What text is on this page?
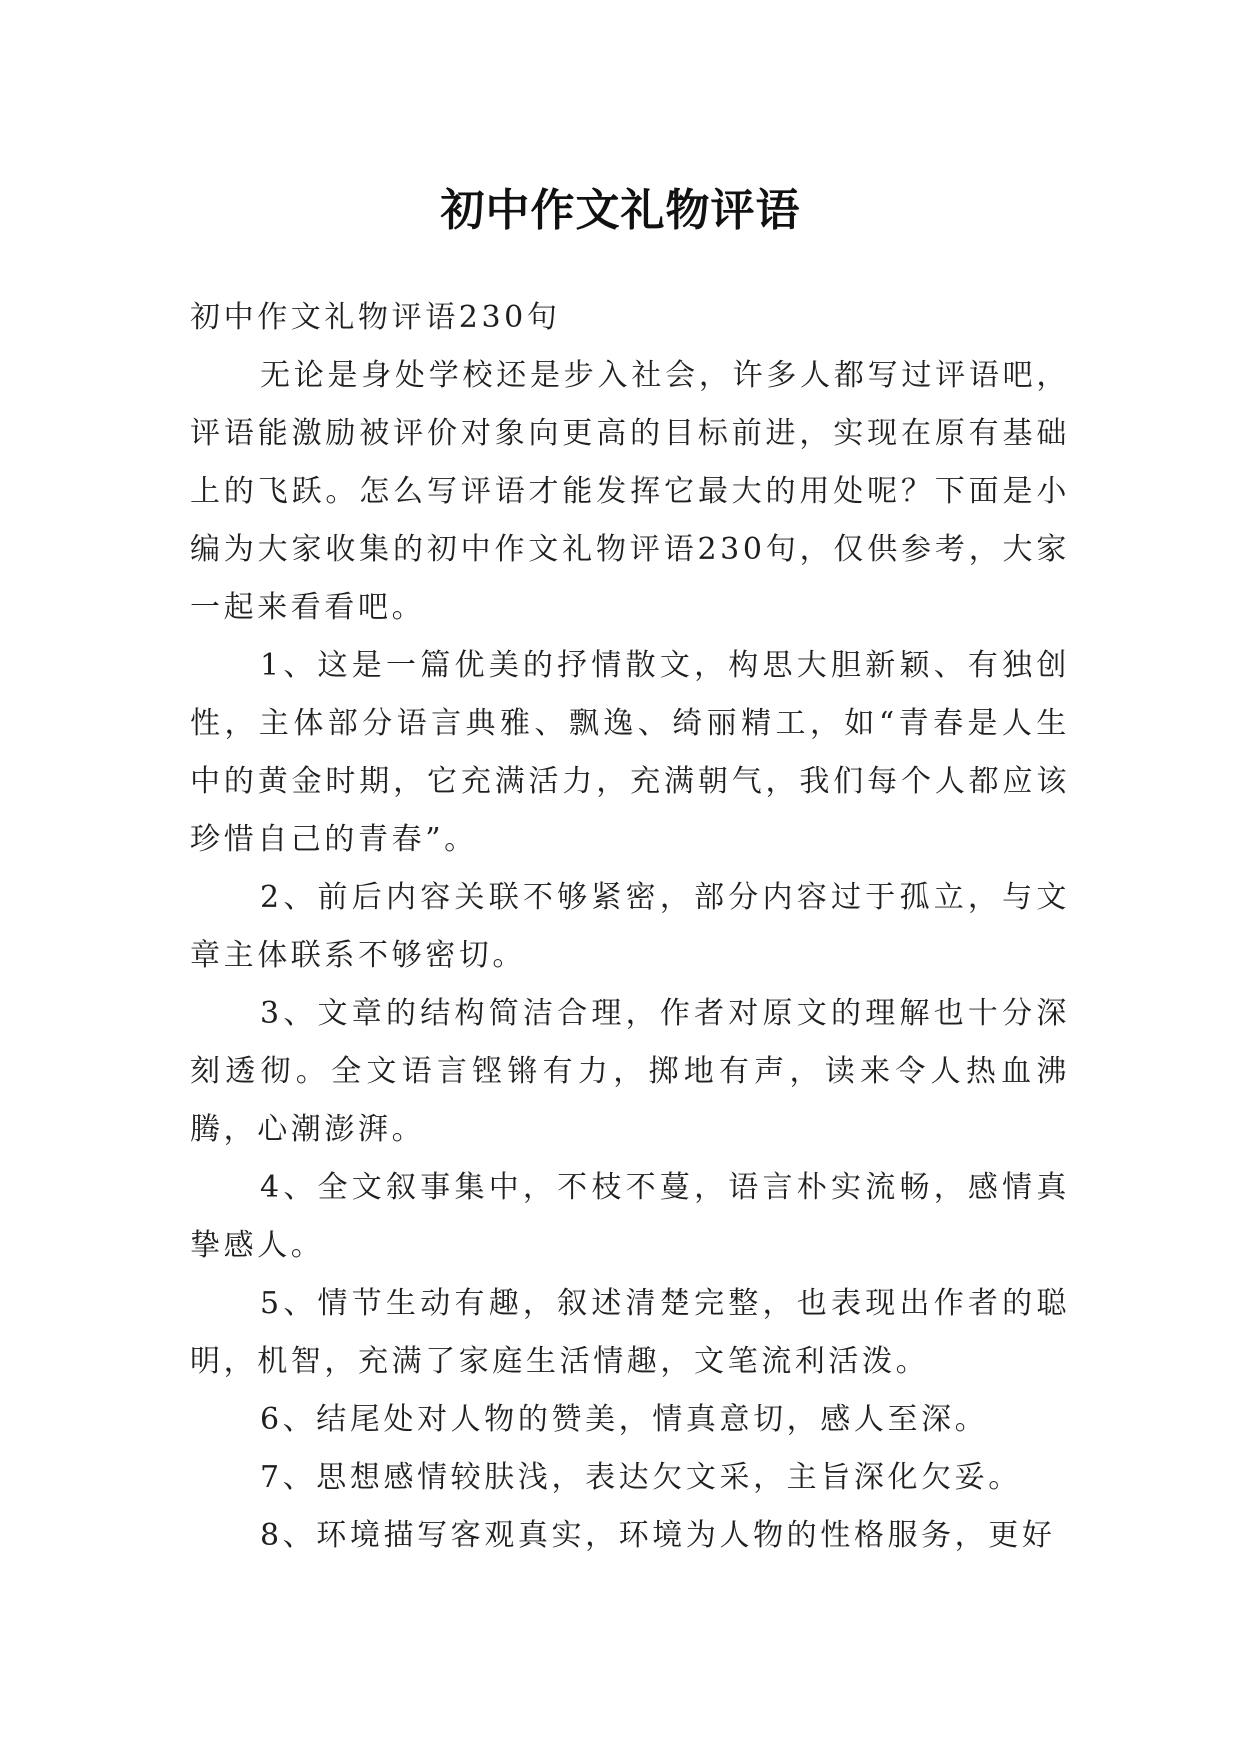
初中作文礼物评语

初中作文礼物评语230句

无论是身处学校还是步入社会，许多人都写过评语吧，评语能激励被评价对象向更高的目标前进，实现在原有基础上的飞跃。怎么写评语才能发挥它最大的用处呢？下面是小编为大家收集的初中作文礼物评语230句，仅供参考，大家一起来看看吧。

1、这是一篇优美的抒情散文，构思大胆新颖、有独创性，主体部分语言典雅、飘逸、绮丽精工，如“青春是人生中的黄金时期，它充满活力，充满朝气，我们每个人都应该珍惜自己的青春”。

2、前后内容关联不够紧密，部分内容过于孤立，与文章主体联系不够密切。

3、文章的结构简洁合理，作者对原文的理解也十分深刻透彻。全文语言铿锵有力，掷地有声，读来令人热血沸腾，心潮澎湃。

4、全文叙事集中，不枝不蔓，语言朴实流畅，感情真挚感人。

5、情节生动有趣，叙述清楚完整，也表现出作者的聪明，机智，充满了家庭生活情趣，文笔流利活泼。

6、结尾处对人物的赞美，情真意切，感人至深。

7、思想感情较肤浅，表达欠文采，主旨深化欠妥。

8、环境描写客观真实，环境为人物的性格服务，更好
